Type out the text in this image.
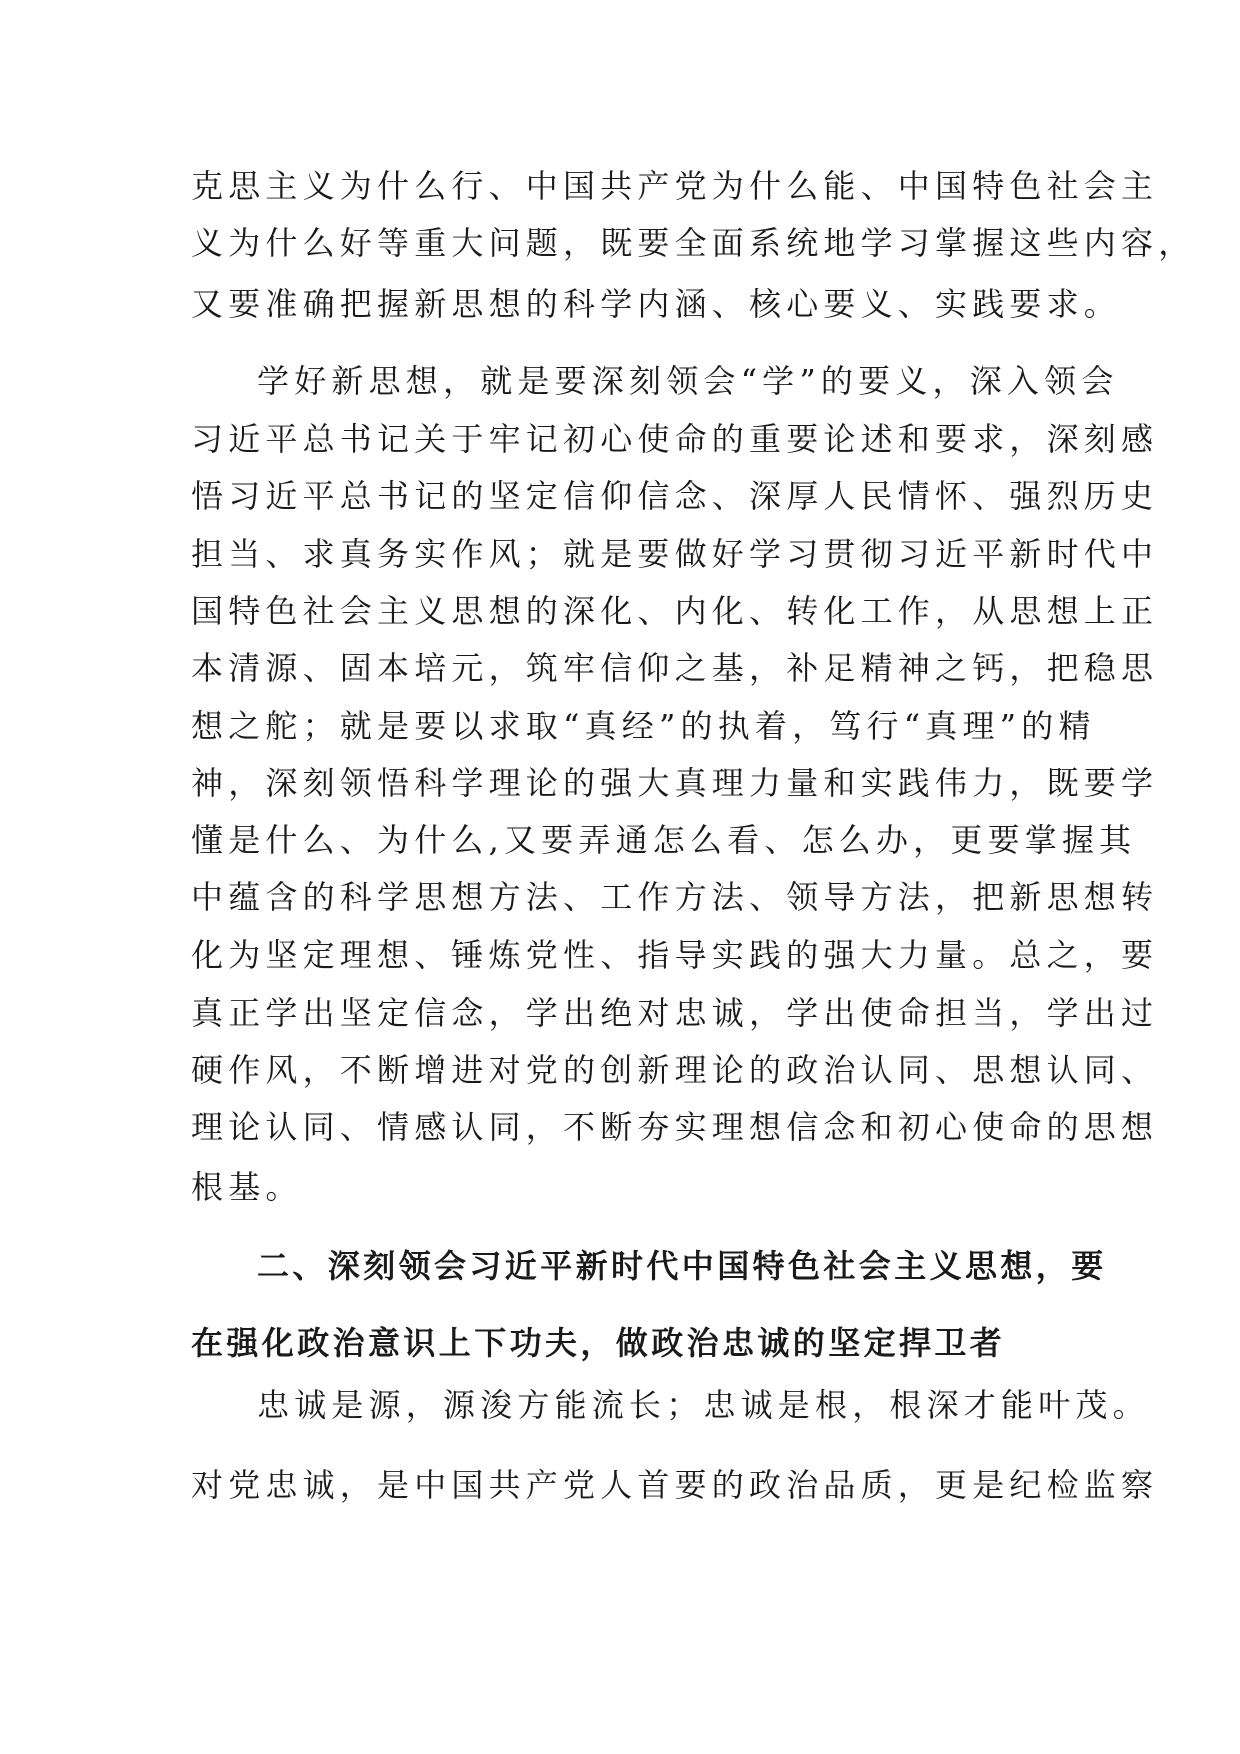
克思主义为什么行、中国共产党为什么能、中国特色社会主
义为什么好等重大问题，既要全面系统地学习掌握这些内容，
又要准确把握新思想的科学内涵、核心要义、实践要求。
学好新思想，就是要深刻领会“学”的要义，深入领会
习近平总书记关于牢记初心使命的重要论述和要求，深刻感
悟习近平总书记的坚定信仰信念、深厚人民情怀、强烈历史
担当、求真务实作风；就是要做好学习贯彻习近平新时代中
国特色社会主义思想的深化、内化、转化工作，从思想上正
本清源、固本培元，筑牢信仰之基，补足精神之钙，把稳思
想之舵；就是要以求取“真经”的执着，笃行“真理”的精
神，深刻领悟科学理论的强大真理力量和实践伟力，既要学
懂是什么、为什么,又要弄通怎么看、怎么办，更要掌握其
中蕴含的科学思想方法、工作方法、领导方法，把新思想转
化为坚定理想、锤炼党性、指导实践的强大力量。总之，要
真正学出坚定信念，学出绝对忠诚，学出使命担当，学出过
硬作风，不断增进对党的创新理论的政治认同、思想认同、
理论认同、情感认同，不断夯实理想信念和初心使命的思想
根基。
二、深刻领会习近平新时代中国特色社会主义思想，要
在强化政治意识上下功夫，做政治忠诚的坚定捍卫者
忠诚是源，源浚方能流长；忠诚是根，根深才能叶茂。
对党忠诚，是中国共产党人首要的政治品质，更是纪检监察
